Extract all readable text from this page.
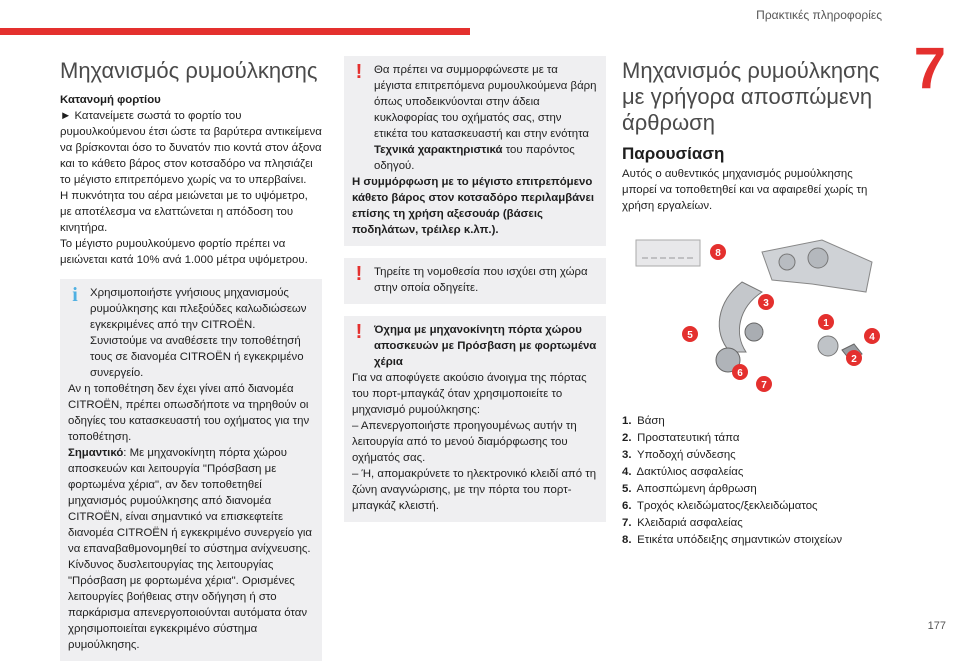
Πρακτικές πληροφορίες
7
177
Μηχανισμός ρυμούλκησης

Κατανομή φορτίου

► Κατανείμετε σωστά το φορτίο του ρυμουλκούμενου έτσι ώστε τα βαρύτερα αντικείμενα να βρίσκονται όσο το δυνατόν πιο κοντά στον άξονα και το κάθετο βάρος στον κοτσαδόρο να πλησιάζει το μέγιστο επιτρεπόμενο χωρίς να το υπερβαίνει.

Η πυκνότητα του αέρα μειώνεται με το υψόμετρο, με αποτέλεσμα να ελαττώνεται η απόδοση του κινητήρα.

Το μέγιστο ρυμουλκούμενο φορτίο πρέπει να μειώνεται κατά 10% ανά 1.000 μέτρα υψόμετρου.

i	Χρησιμοποιήστε γνήσιους μηχανισμούς ρυμούλκησης και πλεξούδες καλωδιώσεων εγκεκριμένες από την CITROËN. Συνιστούμε να αναθέσετε την τοποθέτησή τους σε διανομέα CITROËN ή εγκεκριμένο συνεργείο.

Αν η τοποθέτηση δεν έχει γίνει από διανομέα CITROËN, πρέπει οπωσδήποτε να τηρηθούν οι οδηγίες του κατασκευαστή του οχήματος για την τοποθέτηση.

Σημαντικό: Με μηχανοκίνητη πόρτα χώρου αποσκευών και λειτουργία "Πρόσβαση με φορτωμένα χέρια", αν δεν τοποθετηθεί μηχανισμός ρυμούλκησης από διανομέα CITROËN, είναι σημαντικό να επισκεφτείτε διανομέα CITROËN ή εγκεκριμένο συνεργείο για να επαναβαθμονομηθεί το σύστημα ανίχνευσης. Κίνδυνος δυσλειτουργίας της λειτουργίας "Πρόσβαση με φορτωμένα χέρια". Ορισμένες λειτουργίες βοήθειας στην οδήγηση ή στο παρκάρισμα απενεργοποιούνται αυτόματα όταν χρησιμοποιείται εγκεκριμένο σύστημα ρυμούλκησης.

!	Θα πρέπει να συμμορφώνεστε με τα μέγιστα επιτρεπόμενα ρυμουλκούμενα βάρη όπως υποδεικνύονται στην άδεια κυκλοφορίας του οχήματός σας, στην ετικέτα του κατασκευαστή και στην ενότητα Τεχνικά χαρακτηριστικά του παρόντος οδηγού.

Η συμμόρφωση με το μέγιστο επιτρεπόμενο κάθετο βάρος στον κοτσαδόρο περιλαμβάνει επίσης τη χρήση αξεσουάρ (βάσεις ποδηλάτων, τρέιλερ κ.λπ.).

!	Τηρείτε τη νομοθεσία που ισχύει στη χώρα στην οποία οδηγείτε.

!	Όχημα με μηχανοκίνητη πόρτα χώρου αποσκευών με Πρόσβαση με φορτωμένα χέρια

Για να αποφύγετε ακούσιο άνοιγμα της πόρτας του πορτ-μπαγκάζ όταν χρησιμοποιείτε το μηχανισμό ρυμούλκησης:

– Απενεργοποιήστε προηγουμένως αυτήν τη λειτουργία από το μενού διαμόρφωσης του οχήματός σας.

– Ή, απομακρύνετε το ηλεκτρονικό κλειδί από τη ζώνη αναγνώρισης, με την πόρτα του πορτ-μπαγκάζ κλειστή.

Μηχανισμός ρυμούλκησης με γρήγορα αποσπώμενη άρθρωση
Παρουσίαση

Αυτός ο αυθεντικός μηχανισμός ρυμούλκησης μπορεί να τοποθετηθεί και να αφαιρεθεί χωρίς τη χρήση εργαλείων.

1
2
3
4
5
6
7
8
1. Βάση
2. Προστατευτική τάπα
3. Υποδοχή σύνδεσης
4. Δακτύλιος ασφαλείας
5. Αποσπώμενη άρθρωση
6. Τροχός κλειδώματος/ξεκλειδώματος
7. Κλειδαριά ασφαλείας
8. Ετικέτα υπόδειξης σημαντικών στοιχείων
